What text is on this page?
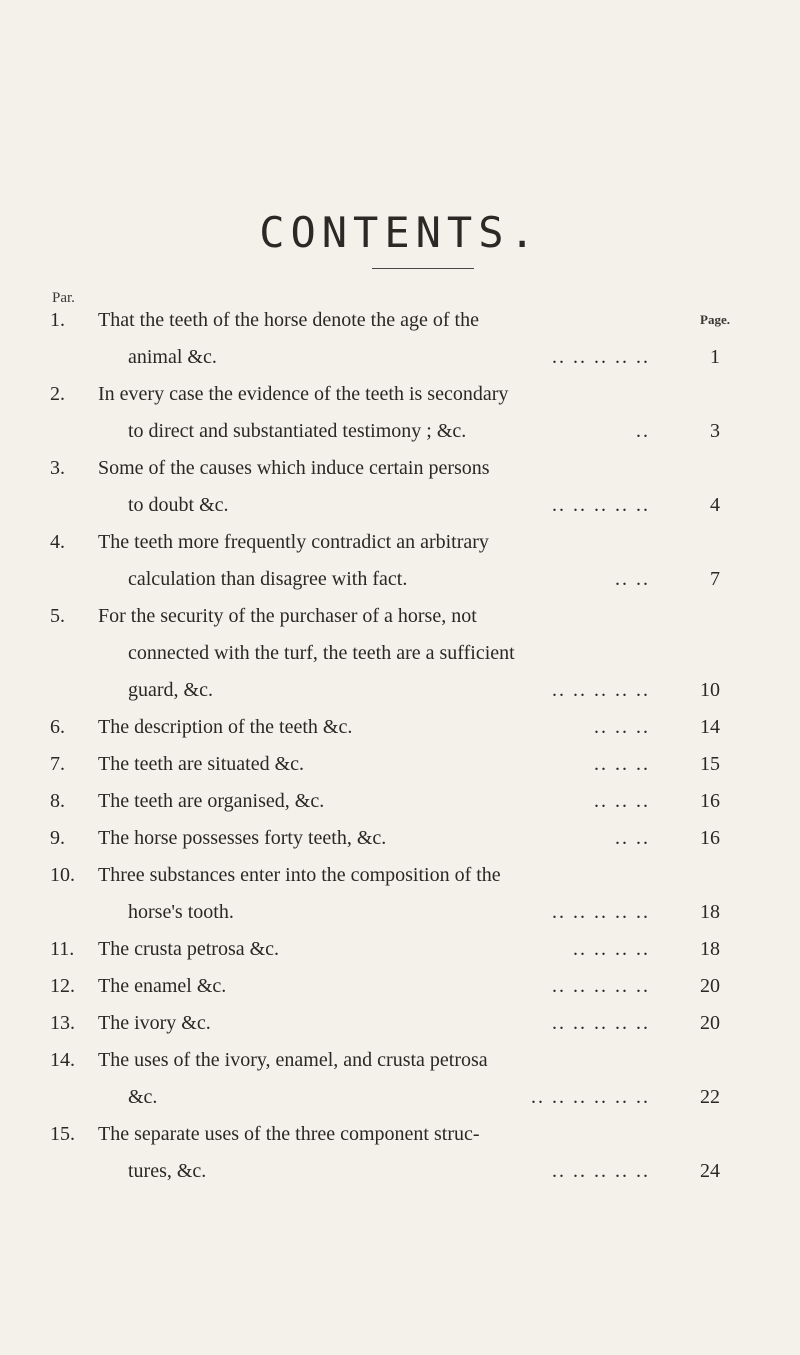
CONTENTS.
Par.
Page.
1. That the teeth of the horse denote the age of the
animal &c.	.. .. .. .. ..	1
2. In every case the evidence of the teeth is secondary
to direct and substantiated testimony ; &c.	..	3
3. Some of the causes which induce certain persons
to doubt &c.	.. .. .. .. ..	4
4. The teeth more frequently contradict an arbitrary
calculation than disagree with fact.	.. ..	7
5. For the security of the purchaser of a horse, not
connected with the turf, the teeth are a sufficient
guard, &c.	.. .. .. .. ..	10
6. The description of the teeth &c.	.. .. ..	14
7. The teeth are situated &c.	.. .. ..	15
8. The teeth are organised, &c.	.. .. ..	16
9. The horse possesses forty teeth, &c.	.. ..	16
10. Three substances enter into the composition of the
horse's tooth.	.. .. .. .. ..	18
11. The crusta petrosa &c.	.. .. .. ..	18
12. The enamel &c.	.. .. .. .. ..	20
13. The ivory &c.	.. .. .. .. ..	20
14. The uses of the ivory, enamel, and crusta petrosa
&c.	.. .. .. .. .. ..	22
15. The separate uses of the three component struc-
tures, &c.	.. .. .. .. ..	24
